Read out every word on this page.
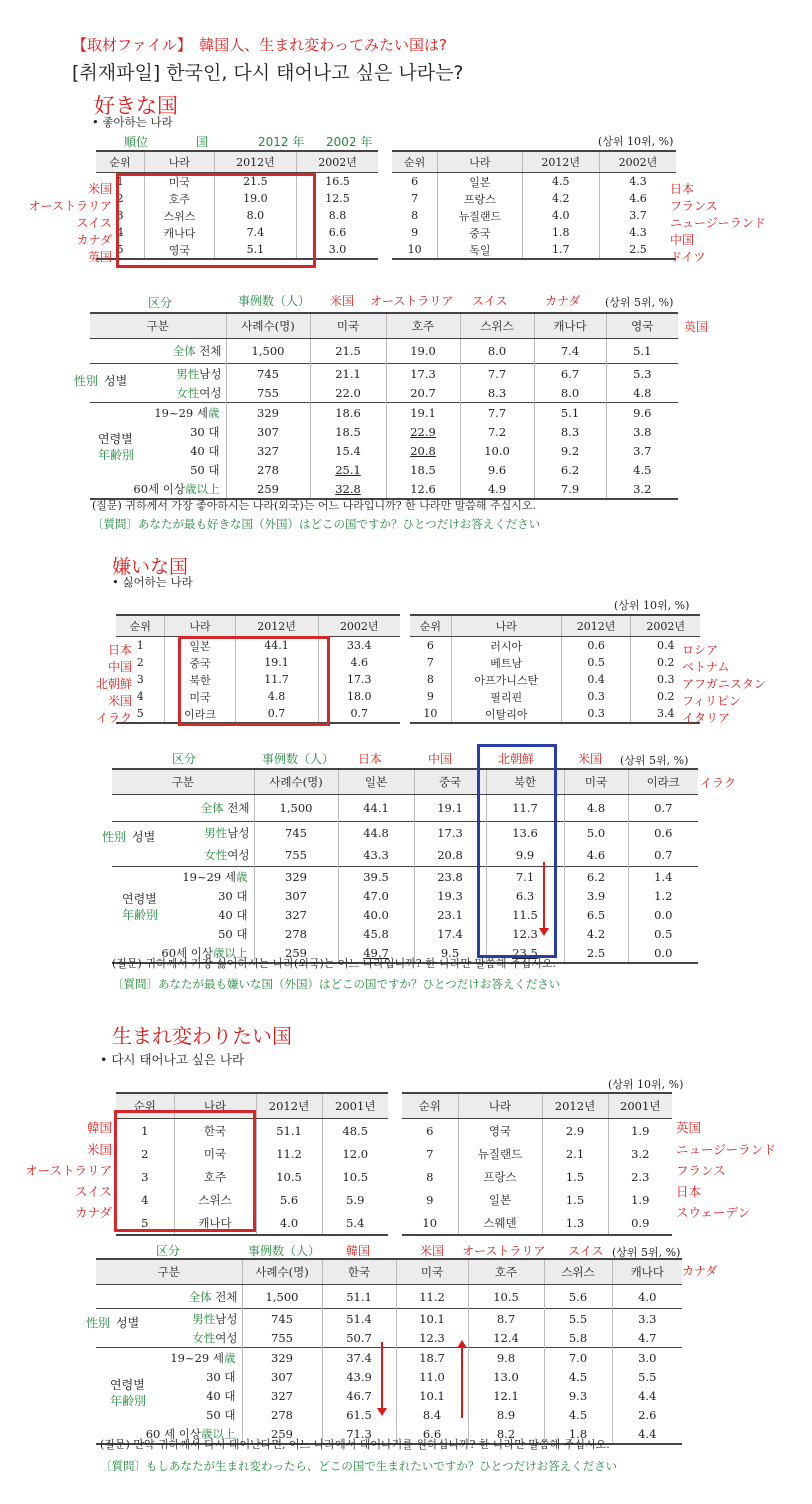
【取材ファイル】　韓国人、生まれ変わってみたい国は?
[취재파일] 한국인, 다시 태어나고 싶은 나라는?
好きな国
• 좋아하는 나라
(상위 10위, %)
順位	国	2012 年 2002 年
순위	나라	2012년	2002년
1	미국	21.5	16.5
2	호주	19.0	12.5
3	스위스	8.0	8.8
4	캐나다	7.4	6.6
5	영국	5.1	3.0
米国
オーストラリア
スイス
カナダ
英国
순위	나라	2012년	2002년
6	일본	4.5	4.3
7	프랑스	4.2	4.6
8	뉴질랜드	4.0	3.7
9	중국	1.8	4.3
10	독일	1.7	2.5
日本
フランス
ニュージーランド
中国
ドイツ
区分	事例数（人） 米国 オーストラリア スイス	カナダ (상위 5위, %)
英国
구분	사례수(명)	미국	호주	스위스	캐나다	영국
全体 전체	1,500	21.5	19.0	8.0	7.4	5.1
男性남성	745	21.1	17.3	7.7	6.7	5.3
女性여성	755	22.0	20.7	8.3	8.0	4.8
19~29 세歳	329	18.6	19.1	7.7	5.1	9.6
30 대	307	18.5	22.9	7.2	8.3	3.8
40 대	327	15.4	20.8	10.0	9.2	3.7
50 대	278	25.1	18.5	9.6	6.2	4.5
60세 이상歳以上	259	32.8	12.6	4.9	7.9	3.2
性別 성별
연령별
年齢別
(질문) 귀하께서 가장 좋아하시는 나라(외국)는 어느 나라입니까? 한 나라만 말씀해 주십시오.
〔質問〕あなたが最も好きな国（外国）はどこの国ですか？ひとつだけお答えください
嫌いな国
• 싫어하는 나라
(상위 10위, %)
순위	나라	2012년	2002년
1	일본	44.1	33.4
2	중국	19.1	4.6
3	북한	11.7	17.3
4	미국	4.8	18.0
5	이라크	0.7	0.7
日本
中国
北朝鮮
米国
イラク
순위	나라	2012년	2002년
6	러시아	0.6	0.4
7	베트남	0.5	0.2
8	아프가니스탄	0.4	0.3
9	필리핀	0.3	0.2
10	이탈리아	0.3	3.4
ロシア
ベトナム
アフガニスタン
フィリピン
イタリア
区分	事例数（人） 日本	中国	北朝鮮	米国 (상위 5위, %)
イラク
구분	사례수(명)	일본	중국	북한	미국	이라크
全体 전체	1,500	44.1	19.1	11.7	4.8	0.7
男性남성	745	44.8	17.3	13.6	5.0	0.6
女性여성	755	43.3	20.8	9.9	4.6	0.7
19~29 세歳	329	39.5	23.8	7.1	6.2	1.4
30 대	307	47.0	19.3	6.3	3.9	1.2
40 대	327	40.0	23.1	11.5	6.5	0.0
50 대	278	45.8	17.4	12.3	4.2	0.5
60세 이상歳以上	259	49.7	9.5	23.5	2.5	0.0
性別 성별
연령별
年齢別
(질문) 귀하께서 가장 싫어하시는 나라(외국)는 어느 나라입니까? 한 나라만 말씀해 주십시오.
〔質問〕あなたが最も嫌いな国（外国）はどこの国ですか？ひとつだけお答えください
生まれ変わりたい国
• 다시 태어나고 싶은 나라
(상위 10위, %)
순위	나라	2012년	2001년
1	한국	51.1	48.5
2	미국	11.2	12.0
3	호주	10.5	10.5
4	스위스	5.6	5.9
5	캐나다	4.0	5.4
韓国
米国
オーストラリア
スイス
カナダ
순위	나라	2012년	2001년
6	영국	2.9	1.9
7	뉴질랜드	2.1	3.2
8	프랑스	1.5	2.3
9	일본	1.5	1.9
10	스웨덴	1.3	0.9
英国
ニュージーランド
フランス
日本
スウェーデン
区分	事例数（人） 韓国	米国 オーストラリア スイス (상위 5위, %)
カナダ
구분	사례수(명)	한국	미국	호주	스위스	캐나다
全体 전체	1,500	51.1	11.2	10.5	5.6	4.0
男性남성	745	51.4	10.1	8.7	5.5	3.3
女性여성	755	50.7	12.3	12.4	5.8	4.7
19~29 세歳	329	37.4	18.7	9.8	7.0	3.0
30 대	307	43.9	11.0	13.0	4.5	5.5
40 대	327	46.7	10.1	12.1	9.3	4.4
50 대	278	61.5	8.4	8.9	4.5	2.6
60 세 이상歳以上	259	71.3	6.6	8.2	1.8	4.4
性別 성별
연령별
年齢別
(질문) 만약 귀하께서 다시 태어난다면, 어느 나라에서 태어나기를 원하십니까? 한 나라만 말씀해 주십시오.
〔質問〕もしあなたが生まれ変わったら、どこの国で生まれたいですか？ひとつだけお答えください
